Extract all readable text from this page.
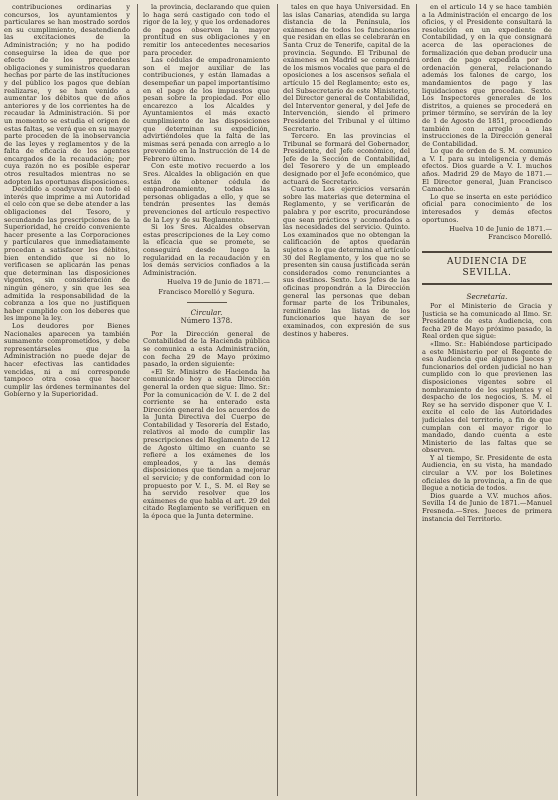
contribuciones ordinarias y concursos, los ayuntamientos y particulares se han mostrado sordos en su cumplimiento, desatendiendo las excitaciones de la Administración; y no ha podido conseguirse la idea de que por efecto de los precedentes obligaciones y suministros quedaran hechas por parte de las instituciones y del público los pagos que debían realizarse, y se han venido a aumentar los débitos que de años anteriores y de los corrientes ha de recaudar la Administración. Si por un momento se estudia el origen de estas faltas, se verá que en su mayor parte proceden de la inobservancia de las leyes y reglamentos y de la falta de eficacia de los agentes encargados de la recaudación; por cuya razón no es posible esperar otros resultados mientras no se adopten las oportunas disposiciones.

Decidido a coadyuvar con todo el interés que imprime a mi Autoridad el celo con que se debe atender a las obligaciones del Tesoro, y secundando las prescripciones de la Superioridad, he creído conveniente hacer presente a las Corporaciones y particulares que inmediatamente procedan a satisfacer los débitos, bien entendido que si no lo verificasen se aplicarán las penas que determinan las disposiciones vigentes, sin consideración de ningún género, y sin que les sea admitida la responsabilidad de la cobranza a los que no justifiquen haber cumplido con los deberes que les impone la ley.

Los deudores por Bienes Nacionales aparecen ya también sumamente comprometidos, y debe representárseles que la Administración no puede dejar de hacer efectivas las cantidades vencidas, ni a mí corresponde tampoco otra cosa que hacer cumplir las órdenes terminantes del Gobierno y la Superioridad.

la provincia, declarando que quien lo haga será castigado con todo el rigor de la ley, y que los ordenadores de pagos observen la mayor prontitud en sus obligaciones y en remitir los antecedentes necesarios para proceder.

Las cédulas de empadronamiento son el mejor auxiliar de las contribuciones, y están llamadas a desempeñar un papel importantísimo en el pago de los impuestos que pesan sobre la propiedad. Por ello encarezco a los Alcaldes y Ayuntamientos el más exacto cumplimiento de las disposiciones que determinan su expedición, advirtiéndoles que la falta de las mismas será penada con arreglo a lo prevenido en la Instrucción de 14 de Febrero último.

Con este motivo recuerdo a los Sres. Alcaldes la obligación en que están de obtener cédula de empadronamiento, todas las personas obligadas a ello, y que se tendrán presentes las demás prevenciones del artículo respectivo de la Ley y de su Reglamento.

Si los Sres. Alcaldes observan estas prescripciones de la Ley como la eficacia que se promete, se conseguirá desde luego la regularidad en la recaudación y en los demás servicios confiados a la Administración.

Huelva 19 de Junio de 1871.—

Francisco Morelló y Segura.

Circular.
Número 1378.

Por la Dirección general de Contabilidad de la Hacienda pública se comunica a esta Administración, con fecha 29 de Mayo próximo pasado, la orden siguiente:

«El Sr. Ministro de Hacienda ha comunicado hoy a esta Dirección general la orden que sigue: Ilmo. Sr.: Por la comunicación de V. I. de 2 del corriente se ha enterado esta Dirección general de los acuerdos de la Junta Directiva del Cuerpo de Contabilidad y Tesorería del Estado, relativos al modo de cumplir las prescripciones del Reglamento de 12 de Agosto último en cuanto se refiere a los exámenes de los empleados, y a las demás disposiciones que tiendan a mejorar el servicio; y de conformidad con lo propuesto por V. I., S. M. el Rey se ha servido resolver que los exámenes de que habla el art. 29 del citado Reglamento se verifiquen en la época que la Junta determine.

tales en que haya Universidad. En las islas Canarias, atendida su larga distancia de la Península, los exámenes de todos los funcionarios que residan en ellas se celebrarán en Santa Cruz de Tenerife, capital de la provincia. Segundo. El Tribunal de exámenes en Madrid se compondrá de los mismos vocales que para el de oposiciones a los ascensos señala el artículo 15 del Reglamento; esto es, del Subsecretario de este Ministerio, del Director general de Contabilidad, del Interventor general, y del Jefe de Intervención, siendo el primero Presidente del Tribunal y el último Secretario.

Tercero. En las provincias el Tribunal se formará del Gobernador, Presidente, del Jefe económico, del Jefe de la Sección de Contabilidad, del Tesorero y de un empleado designado por el Jefe económico, que actuará de Secretario.

Cuarto. Los ejercicios versarán sobre las materias que determina el Reglamento, y se verificarán de palabra y por escrito, procurándose que sean prácticos y acomodados a las necesidades del servicio. Quinto. Los examinados que no obtengan la calificación de aptos quedarán sujetos a lo que determina el artículo 30 del Reglamento, y los que no se presenten sin causa justificada serán considerados como renunciantes a sus destinos. Sexto. Los Jefes de las oficinas propondrán a la Dirección general las personas que deban formar parte de los Tribunales, remitiendo las listas de los funcionarios que hayan de ser examinados, con expresión de sus destinos y haberes.

en el artículo 14 y se hace también a la Administración el encargo de los oficios, y el Presidente consultará la resolución en un expediente de Contabilidad, y en la que consignará acerca de las operaciones de formalización que deban producir una orden de pago expedida por la ordenación general, relacionando además los talones de cargo, los mandamientos de pago y las liquidaciones que procedan. Sexto. Los Inspectores generales de los distritos, a quienes se procederá en primer término, se servirán de la ley de 1 de Agosto de 1851, procediendo también con arreglo a las instrucciones de la Dirección general de Contabilidad.

Lo que de orden de S. M. comunico a V. I. para su inteligencia y demás efectos. Dios guarde a V. I. muchos años. Madrid 29 de Mayo de 1871.—El Director general, Juan Francisco Camacho.

Lo que se inserta en este periódico oficial para conocimiento de los interesados y demás efectos oportunos.

Huelva 10 de Junio de 1871.—Francisco Morelló.

AUDIENCIA DE SEVILLA.
Secretaría.

Por el Ministerio de Gracia y Justicia se ha comunicado al Ilmo. Sr. Presidente de esta Audiencia, con fecha 29 de Mayo próximo pasado, la Real orden que sigue:

«Ilmo. Sr.: Habiéndose participado a este Ministerio por el Regente de esa Audiencia que algunos Jueces y funcionarios del orden judicial no han cumplido con lo que previenen las disposiciones vigentes sobre el nombramiento de los suplentes y el despacho de los negocios, S. M. el Rey se ha servido disponer que V. I. excite el celo de las Autoridades judiciales del territorio, a fin de que cumplan con el mayor rigor lo mandado, dando cuenta a este Ministerio de las faltas que se observen.

Y al tiempo, Sr. Presidente de esta Audiencia, en su vista, ha mandado circular a V.V. por los Boletines oficiales de la provincia, a fin de que llegue a noticia de todos.

Dios guarde a V.V. muchos años. Sevilla 14 de Junio de 1871.—Manuel Fresneda.—Sres. Jueces de primera instancia del Territorio.
